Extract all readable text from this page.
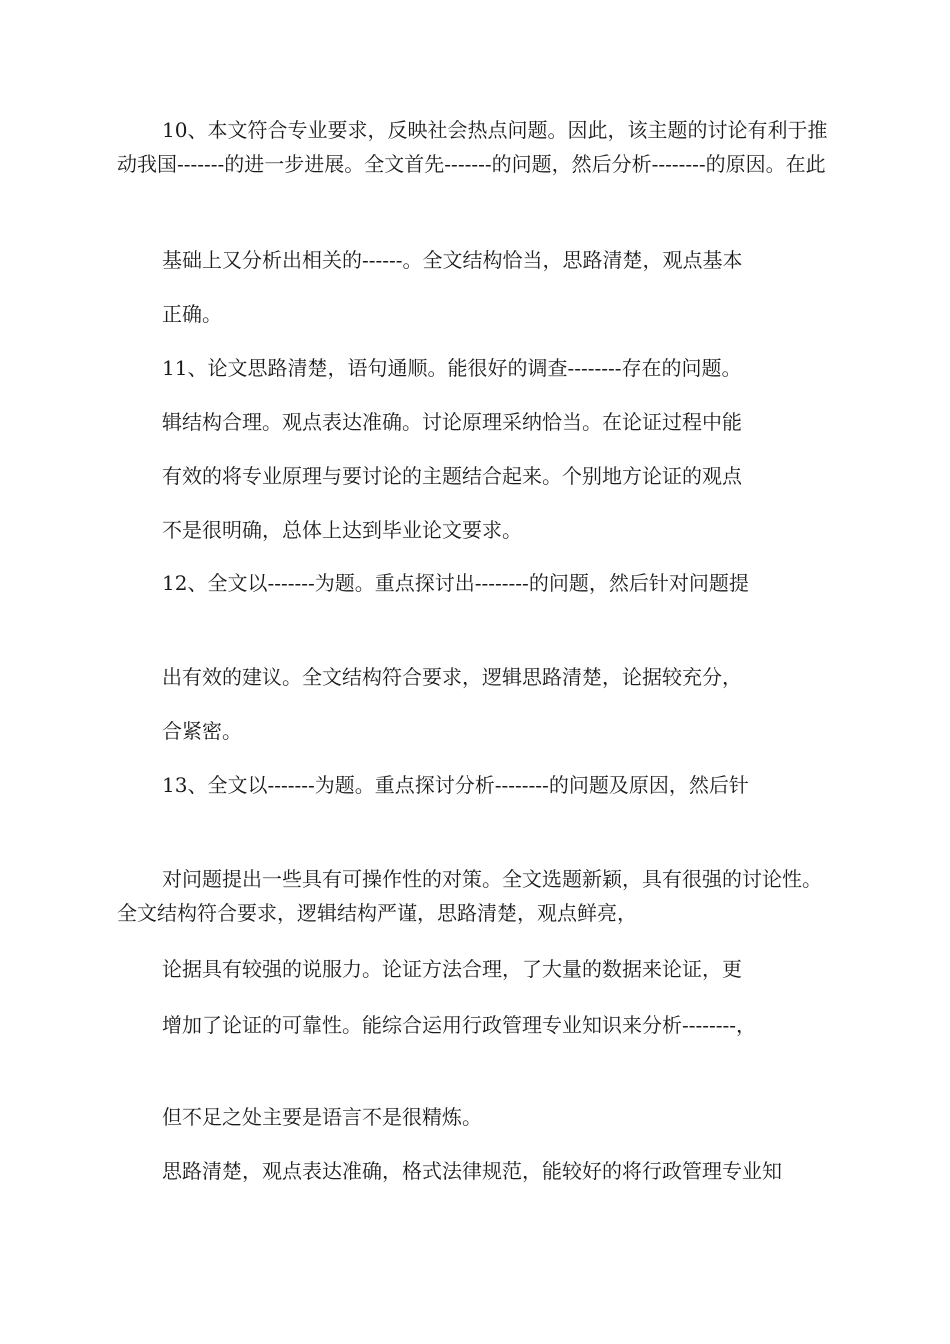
10、本文符合专业要求，反映社会热点问题。因此，该主题的讨论有利于推动我国-------的进一步进展。全文首先-------的问题，然后分析--------的原因。在此

基础上又分析出相关的------。全文结构恰当，思路清楚，观点基本

正确。

11、论文思路清楚，语句通顺。能很好的调查--------存在的问题。

辑结构合理。观点表达准确。讨论原理采纳恰当。在论证过程中能

有效的将专业原理与要讨论的主题结合起来。个别地方论证的观点

不是很明确，总体上达到毕业论文要求。

12、全文以-------为题。重点探讨出--------的问题，然后针对问题提

出有效的建议。全文结构符合要求，逻辑思路清楚，论据较充分，

合紧密。

13、全文以-------为题。重点探讨分析--------的问题及原因，然后针

对问题提出一些具有可操作性的对策。全文选题新颖，具有很强的讨论性。全文结构符合要求，逻辑结构严谨，思路清楚，观点鲜亮，

论据具有较强的说服力。论证方法合理，了大量的数据来论证，更

增加了论证的可靠性。能综合运用行政管理专业知识来分析--------，

但不足之处主要是语言不是很精炼。

思路清楚，观点表达准确，格式法律规范，能较好的将行政管理专业知
